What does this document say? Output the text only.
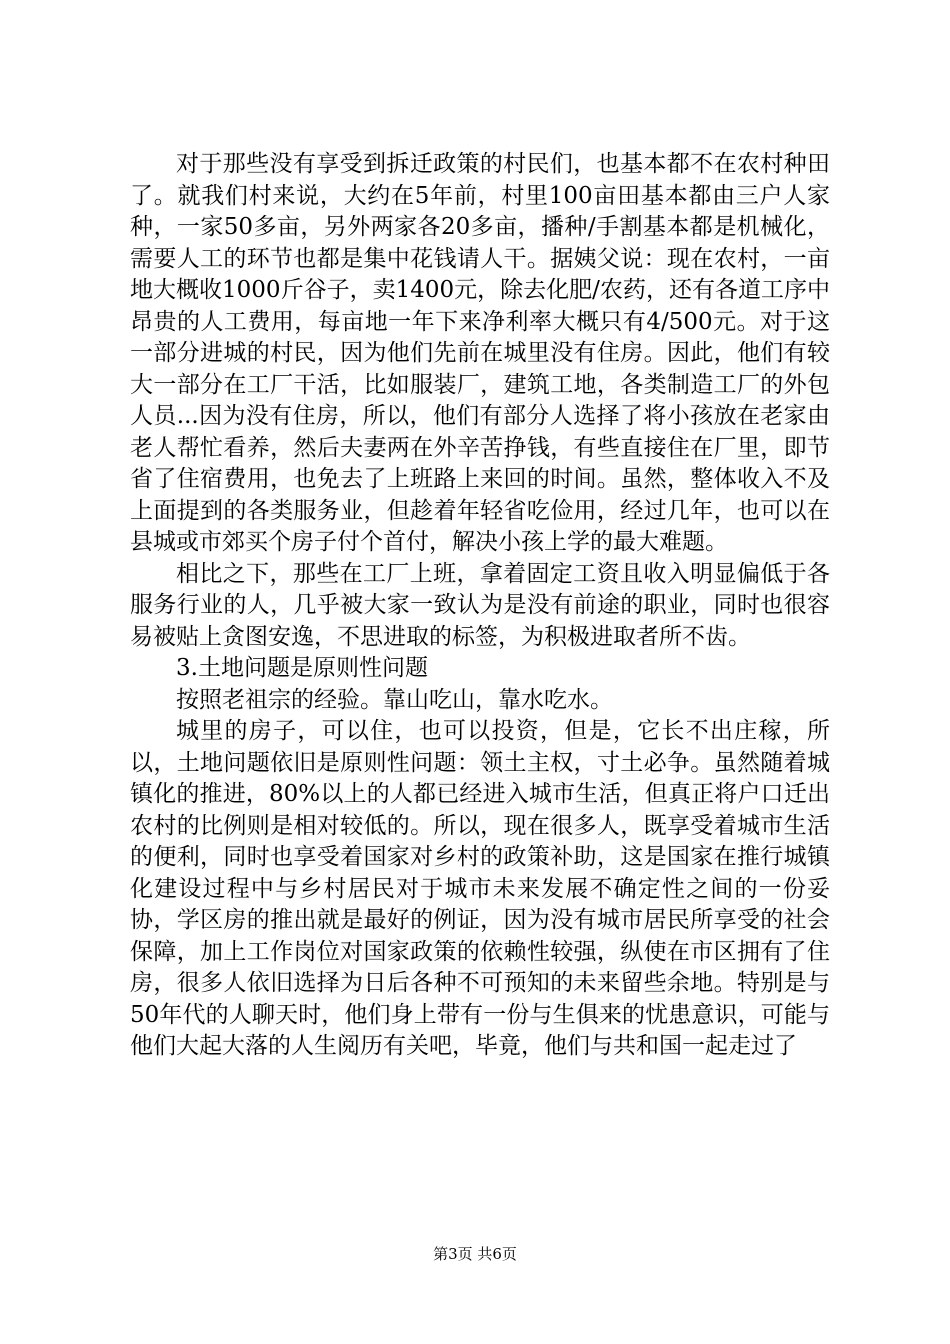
对于那些没有享受到拆迁政策的村民们，也基本都不在农村种田了。就我们村来说，大约在5年前，村里100亩田基本都由三户人家种，一家50多亩，另外两家各20多亩，播种/手割基本都是机械化，需要人工的环节也都是集中花钱请人干。据姨父说：现在农村，一亩地大概收1000斤谷子，卖1400元，除去化肥/农药，还有各道工序中昂贵的人工费用，每亩地一年下来净利率大概只有4/500元。对于这一部分进城的村民，因为他们先前在城里没有住房。因此，他们有较大一部分在工厂干活，比如服装厂，建筑工地，各类制造工厂的外包人员...因为没有住房，所以，他们有部分人选择了将小孩放在老家由老人帮忙看养，然后夫妻两在外辛苦挣钱，有些直接住在厂里，即节省了住宿费用，也免去了上班路上来回的时间。虽然，整体收入不及上面提到的各类服务业，但趁着年轻省吃俭用，经过几年，也可以在县城或市郊买个房子付个首付，解决小孩上学的最大难题。

相比之下，那些在工厂上班，拿着固定工资且收入明显偏低于各服务行业的人，几乎被大家一致认为是没有前途的职业，同时也很容易被贴上贪图安逸，不思进取的标签，为积极进取者所不齿。

3.土地问题是原则性问题

按照老祖宗的经验。靠山吃山，靠水吃水。

城里的房子，可以住，也可以投资，但是，它长不出庄稼，所以，土地问题依旧是原则性问题：领土主权，寸土必争。虽然随着城镇化的推进，80%以上的人都已经进入城市生活，但真正将户口迁出农村的比例则是相对较低的。所以，现在很多人，既享受着城市生活的便利，同时也享受着国家对乡村的政策补助，这是国家在推行城镇化建设过程中与乡村居民对于城市未来发展不确定性之间的一份妥协，学区房的推出就是最好的例证，因为没有城市居民所享受的社会保障，加上工作岗位对国家政策的依赖性较强，纵使在市区拥有了住房，很多人依旧选择为日后各种不可预知的未来留些余地。特别是与50年代的人聊天时，他们身上带有一份与生俱来的忧患意识，可能与他们大起大落的人生阅历有关吧，毕竟，他们与共和国一起走过了

第3页 共6页
